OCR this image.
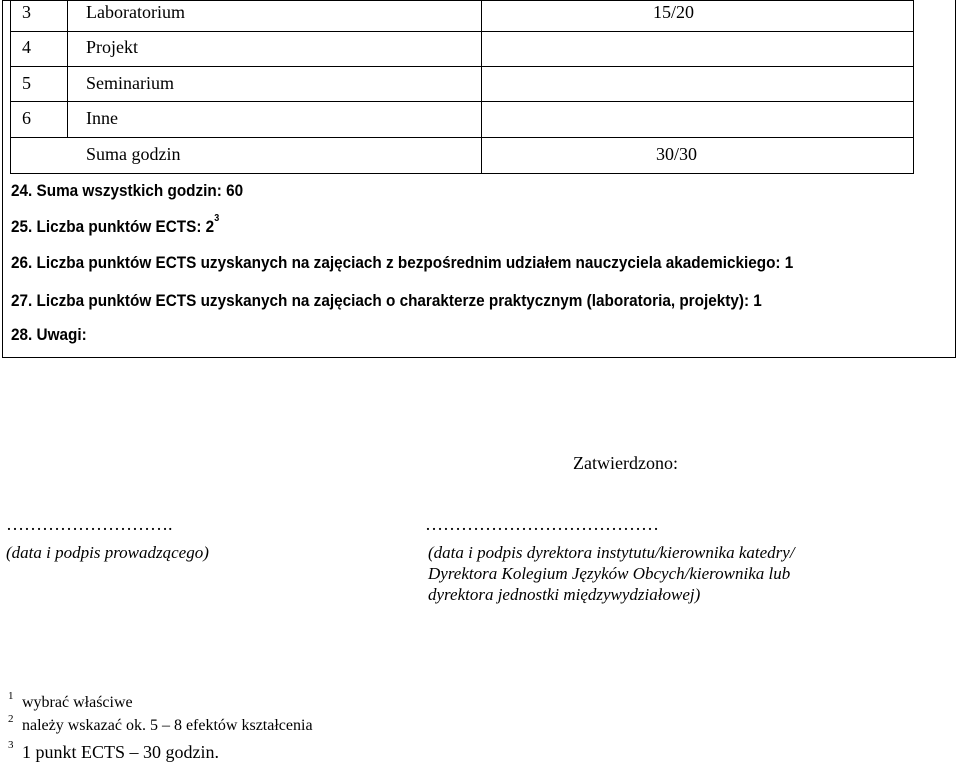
3	Laboratorium	15/20
4	Projekt
5	Seminarium
6	Inne
Suma godzin	30/30
24. Suma wszystkich godzin: 60
25. Liczba punktów ECTS: $2^3$
26. Liczba punktów ECTS uzyskanych na zajęciach z bezpośrednim udziałem nauczyciela akademickiego: 1
27. Liczba punktów ECTS uzyskanych na zajęciach o charakterze praktycznym (laboratoria, projekty): 1
28. Uwagi:
Zatwierdzono:
……………………….
(data i podpis prowadzącego)
…………………………………
(data i podpis dyrektora instytutu/kierownika katedry/
Dyrektora Kolegium Języków Obcych/kierownika lub
dyrektora jednostki międzywydziałowej)
1 wybrać właściwe
2 należy wskazać ok. 5 – 8 efektów kształcenia
3 1 punkt ECTS – 30 godzin.
